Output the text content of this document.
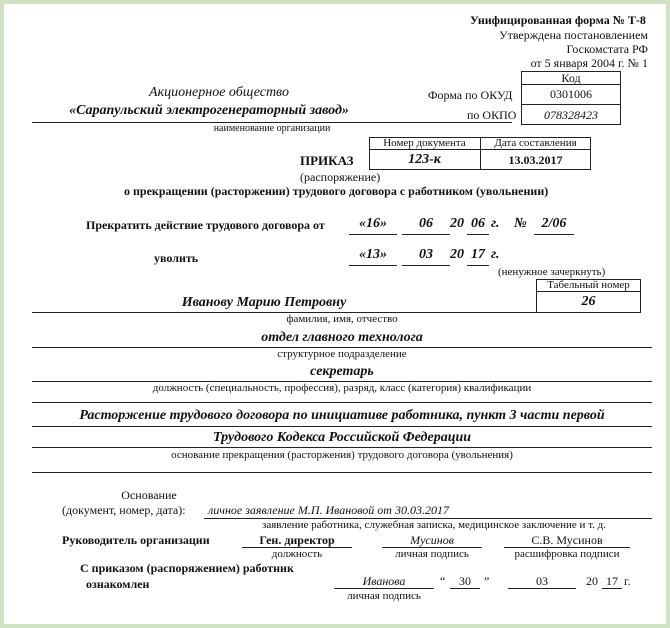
Унифицированная форма № Т-8
Утверждена постановлением
Госкомстата РФ
от 5 января 2004 г. № 1
Код
0301006
078328423
Форма по ОКУД
по ОКПО
Акционерное общество
«Сарапульский электрогенераторный завод»
наименование организации
Номер документа	Дата составления
123-к	13.03.2017
ПРИКАЗ
(распоряжение)
о прекращении (расторжении) трудового договора с работником (увольнении)
Прекратить действие трудового договора от	«16»	06	20 06 г. №	2/06
уволить	«13»	03	20 17 г.
(ненужное зачеркнуть)
Табельный номер
26
Иванову Марию Петровну
фамилия, имя, отчество
отдел главного технолога
структурное подразделение
секретарь
должность (специальность, профессия), разряд, класс (категория) квалификации
Расторжение трудового договора по инициативе работника, пункт 3 части первой
Трудового Кодекса Российской Федерации
основание прекращения (расторжения) трудового договора (увольнения)
Основание
(документ, номер, дата): личное заявление М.П. Ивановой от 30.03.2017
заявление работника, служебная записка, медицинское заключение и т. д.
Руководитель организации	Ген. директор	Мусинов	С.В. Мусинов
должность	личная подпись	расшифровка подписи
С приказом (распоряжением) работник
ознакомлен	Иванова	“	30	”	03	20 17 г.
личная подпись
